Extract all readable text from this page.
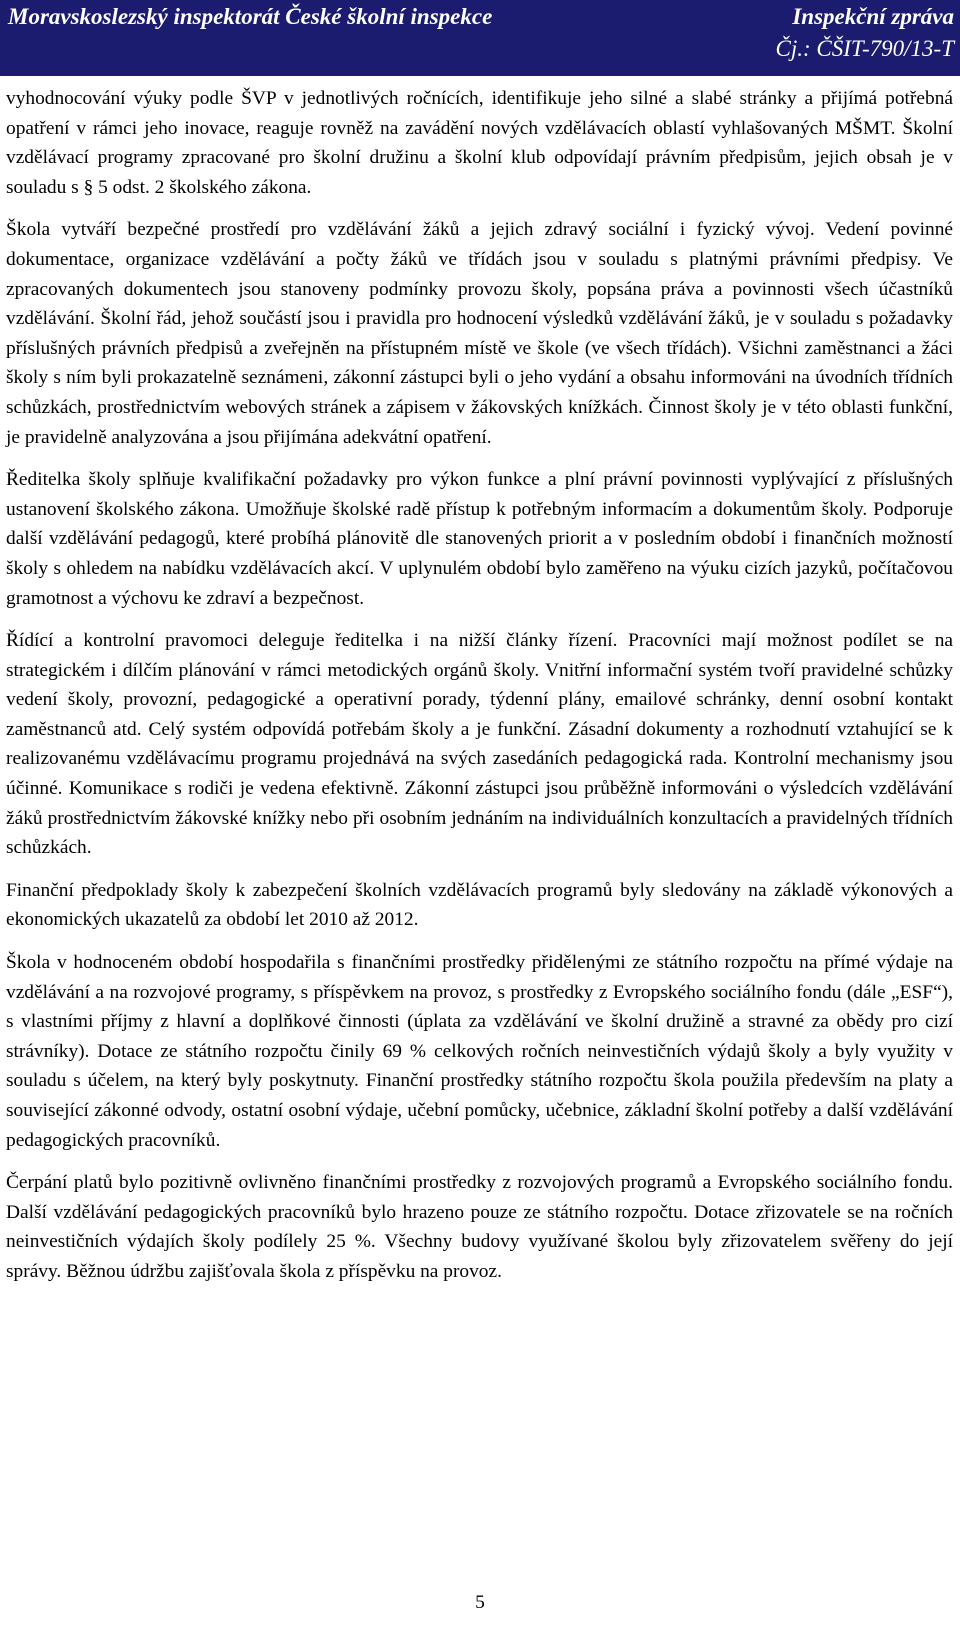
Moravskoslezský inspektorát České školní inspekce	Inspekční zpráva
Čj.: ČŠIT-790/13-T

vyhodnocování výuky podle ŠVP v jednotlivých ročnících, identifikuje jeho silné a slabé stránky a přijímá potřebná opatření v rámci jeho inovace, reaguje rovněž na zavádění nových vzdělávacích oblastí vyhlašovaných MŠMT. Školní vzdělávací programy zpracované pro školní družinu a školní klub odpovídají právním předpisům, jejich obsah je v souladu s § 5 odst. 2 školského zákona.

Škola vytváří bezpečné prostředí pro vzdělávání žáků a jejich zdravý sociální i fyzický vývoj. Vedení povinné dokumentace, organizace vzdělávání a počty žáků ve třídách jsou v souladu s platnými právními předpisy. Ve zpracovaných dokumentech jsou stanoveny podmínky provozu školy, popsána práva a povinnosti všech účastníků vzdělávání. Školní řád, jehož součástí jsou i pravidla pro hodnocení výsledků vzdělávání žáků, je v souladu s požadavky příslušných právních předpisů a zveřejněn na přístupném místě ve škole (ve všech třídách). Všichni zaměstnanci a žáci školy s ním byli prokazatelně seznámeni, zákonní zástupci byli o jeho vydání a obsahu informováni na úvodních třídních schůzkách, prostřednictvím webových stránek a zápisem v žákovských knížkách. Činnost školy je v této oblasti funkční, je pravidelně analyzována a jsou přijímána adekvátní opatření.

Ředitelka školy splňuje kvalifikační požadavky pro výkon funkce a plní právní povinnosti vyplývající z příslušných ustanovení školského zákona. Umožňuje školské radě přístup k potřebným informacím a dokumentům školy. Podporuje další vzdělávání pedagogů, které probíhá plánovitě dle stanovených priorit a v posledním období i finančních možností školy s ohledem na nabídku vzdělávacích akcí. V uplynulém období bylo zaměřeno na výuku cizích jazyků, počítačovou gramotnost a výchovu ke zdraví a bezpečnost.

Řídící a kontrolní pravomoci deleguje ředitelka i na nižší články řízení. Pracovníci mají možnost podílet se na strategickém i dílčím plánování v rámci metodických orgánů školy. Vnitřní informační systém tvoří pravidelné schůzky vedení školy, provozní, pedagogické a operativní porady, týdenní plány, emailové schránky, denní osobní kontakt zaměstnanců atd. Celý systém odpovídá potřebám školy a je funkční. Zásadní dokumenty a rozhodnutí vztahující se k realizovanému vzdělávacímu programu projednává na svých zasedáních pedagogická rada. Kontrolní mechanismy jsou účinné. Komunikace s rodiči je vedena efektivně. Zákonní zástupci jsou průběžně informováni o výsledcích vzdělávání žáků prostřednictvím žákovské knížky nebo při osobním jednáním na individuálních konzultacích a pravidelných třídních schůzkách.

Finanční předpoklady školy k zabezpečení školních vzdělávacích programů byly sledovány na základě výkonových a ekonomických ukazatelů za období let 2010 až 2012.

Škola v hodnoceném období hospodařila s finančními prostředky přidělenými ze státního rozpočtu na přímé výdaje na vzdělávání a na rozvojové programy, s příspěvkem na provoz, s prostředky z Evropského sociálního fondu (dále „ESF“), s vlastními příjmy z hlavní a doplňkové činnosti (úplata za vzdělávání ve školní družině a stravné za obědy pro cizí strávníky). Dotace ze státního rozpočtu činily 69 % celkových ročních neinvestičních výdajů školy a byly využity v souladu s účelem, na který byly poskytnuty. Finanční prostředky státního rozpočtu škola použila především na platy a související zákonné odvody, ostatní osobní výdaje, učební pomůcky, učebnice, základní školní potřeby a další vzdělávání pedagogických pracovníků.

Čerpání platů bylo pozitivně ovlivněno finančními prostředky z rozvojových programů a Evropského sociálního fondu. Další vzdělávání pedagogických pracovníků bylo hrazeno pouze ze státního rozpočtu. Dotace zřizovatele se na ročních neinvestičních výdajích školy podílely 25 %. Všechny budovy využívané školou byly zřizovatelem svěřeny do její správy. Běžnou údržbu zajišťovala škola z příspěvku na provoz.

5
